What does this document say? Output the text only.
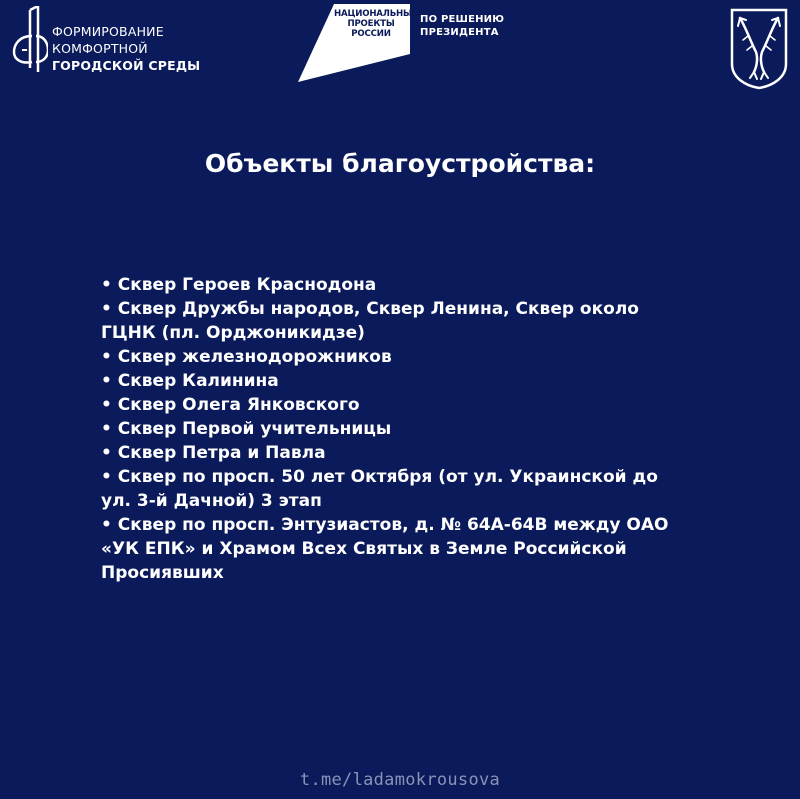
ФОРМИРОВАНИЕ
КОМФОРТНОЙ
ГОРОДСКОЙ СРЕДЫ
НАЦИОНАЛЬНЫЕ
ПРОЕКТЫ
РОССИИ
ПО РЕШЕНИЮ
ПРЕЗИДЕНТА
Объекты благоустройства:
• Сквер Героев Краснодона
• Сквер Дружбы народов, Сквер Ленина, Сквер около
ГЦНК (пл. Орджоникидзе)
• Сквер железнодорожников
• Сквер Калинина
• Сквер Олега Янковского
• Сквер Первой учительницы
• Сквер Петра и Павла
• Сквер по просп. 50 лет Октября (от ул. Украинской до
ул. 3-й Дачной) 3 этап
• Сквер по просп. Энтузиастов, д. № 64А-64В между ОАО
«УК ЕПК» и Храмом Всех Святых в Земле Российской
Просиявших
t.me/ladamokrousova
